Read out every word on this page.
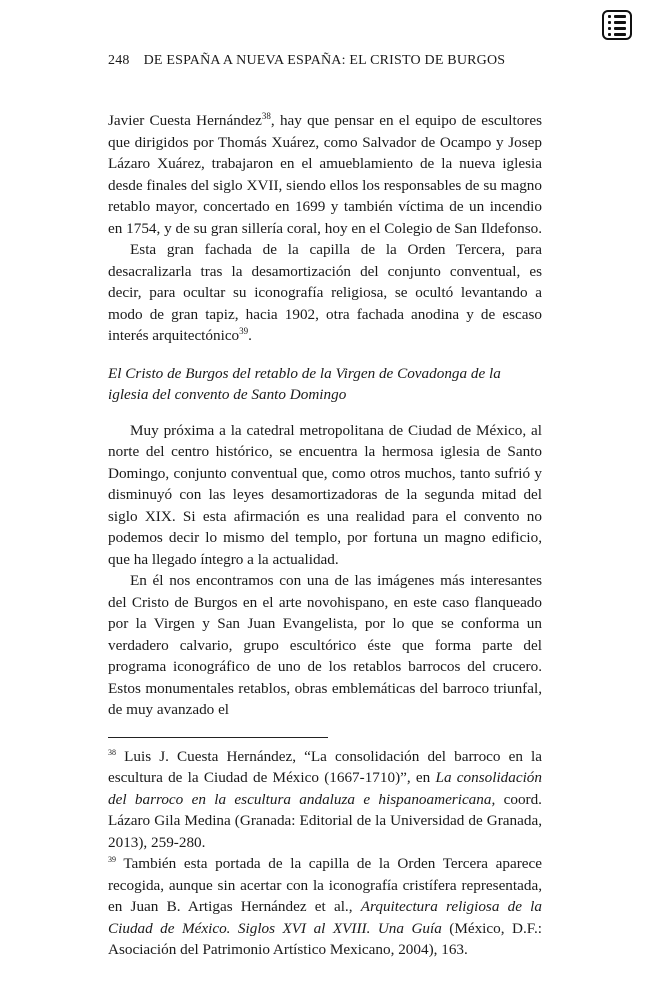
248 DE ESPAÑA A NUEVA ESPAÑA: EL CRISTO DE BURGOS

Javier Cuesta Hernández$^{38}$, hay que pensar en el equipo de escultores que dirigidos por Thomás Xuárez, como Salvador de Ocampo y Josep Lázaro Xuárez, trabajaron en el amueblamiento de la nueva iglesia desde finales del siglo XVII, siendo ellos los responsables de su magno retablo mayor, concertado en 1699 y también víctima de un incendio en 1754, y de su gran sillería coral, hoy en el Colegio de San Ildefonso.

Esta gran fachada de la capilla de la Orden Tercera, para desacralizarla tras la desamortización del conjunto conventual, es decir, para ocultar su iconografía religiosa, se ocultó levantando a modo de gran tapiz, hacia 1902, otra fachada anodina y de escaso interés arquitectónico$^{39}$.

El Cristo de Burgos del retablo de la Virgen de Covadonga de la iglesia del convento de Santo Domingo

Muy próxima a la catedral metropolitana de Ciudad de México, al norte del centro histórico, se encuentra la hermosa iglesia de Santo Domingo, conjunto conventual que, como otros muchos, tanto sufrió y disminuyó con las leyes desamortizadoras de la segunda mitad del siglo XIX. Si esta afirmación es una realidad para el convento no podemos decir lo mismo del templo, por fortuna un magno edificio, que ha llegado íntegro a la actualidad.

En él nos encontramos con una de las imágenes más interesantes del Cristo de Burgos en el arte novohispano, en este caso flanqueado por la Virgen y San Juan Evangelista, por lo que se conforma un verdadero calvario, grupo escultórico éste que forma parte del programa iconográfico de uno de los retablos barrocos del crucero. Estos monumentales retablos, obras emblemáticas del barroco triunfal, de muy avanzado el

$^{38}$ Luis J. Cuesta Hernández, “La consolidación del barroco en la escultura de la Ciudad de México (1667-1710)”, en La consolidación del barroco en la escultura andaluza e hispanoamericana, coord. Lázaro Gila Medina (Granada: Editorial de la Universidad de Granada, 2013), 259-280.

$^{39}$ También esta portada de la capilla de la Orden Tercera aparece recogida, aunque sin acertar con la iconografía cristífera representada, en Juan B. Artigas Hernández et al., Arquitectura religiosa de la Ciudad de México. Siglos XVI al XVIII. Una Guía (México, D.F.: Asociación del Patrimonio Artístico Mexicano, 2004), 163.
